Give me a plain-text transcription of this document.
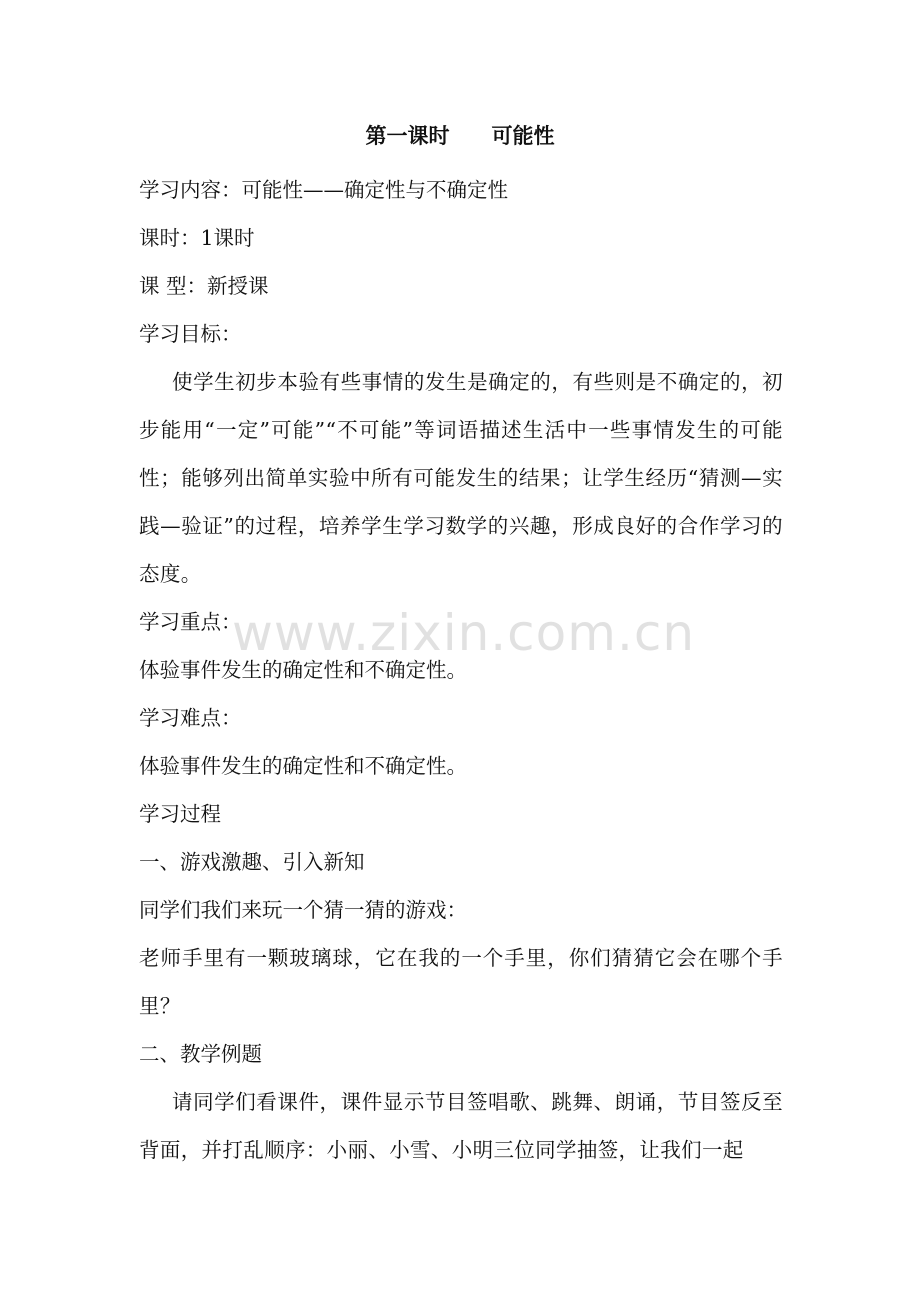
第一课时　　可能性

学习内容：可能性——确定性与不确定性

课时：1课时

课 型：新授课

学习目标：

使学生初步本验有些事情的发生是确定的，有些则是不确定的，初步能用“一定”可能”“不可能”等词语描述生活中一些事情发生的可能性；能够列出简单实验中所有可能发生的结果；让学生经历“猜测—实践—验证”的过程，培养学生学习数学的兴趣，形成良好的合作学习的态度。

学习重点：

体验事件发生的确定性和不确定性。

学习难点：

体验事件发生的确定性和不确定性。

学习过程

一、游戏激趣、引入新知

同学们我们来玩一个猜一猜的游戏：

老师手里有一颗玻璃球，它在我的一个手里，你们猜猜它会在哪个手里？

二、教学例题

请同学们看课件，课件显示节目签唱歌、跳舞、朗诵，节目签反至背面，并打乱顺序：小丽、小雪、小明三位同学抽签，让我们一起

www.zixin.com.cn
